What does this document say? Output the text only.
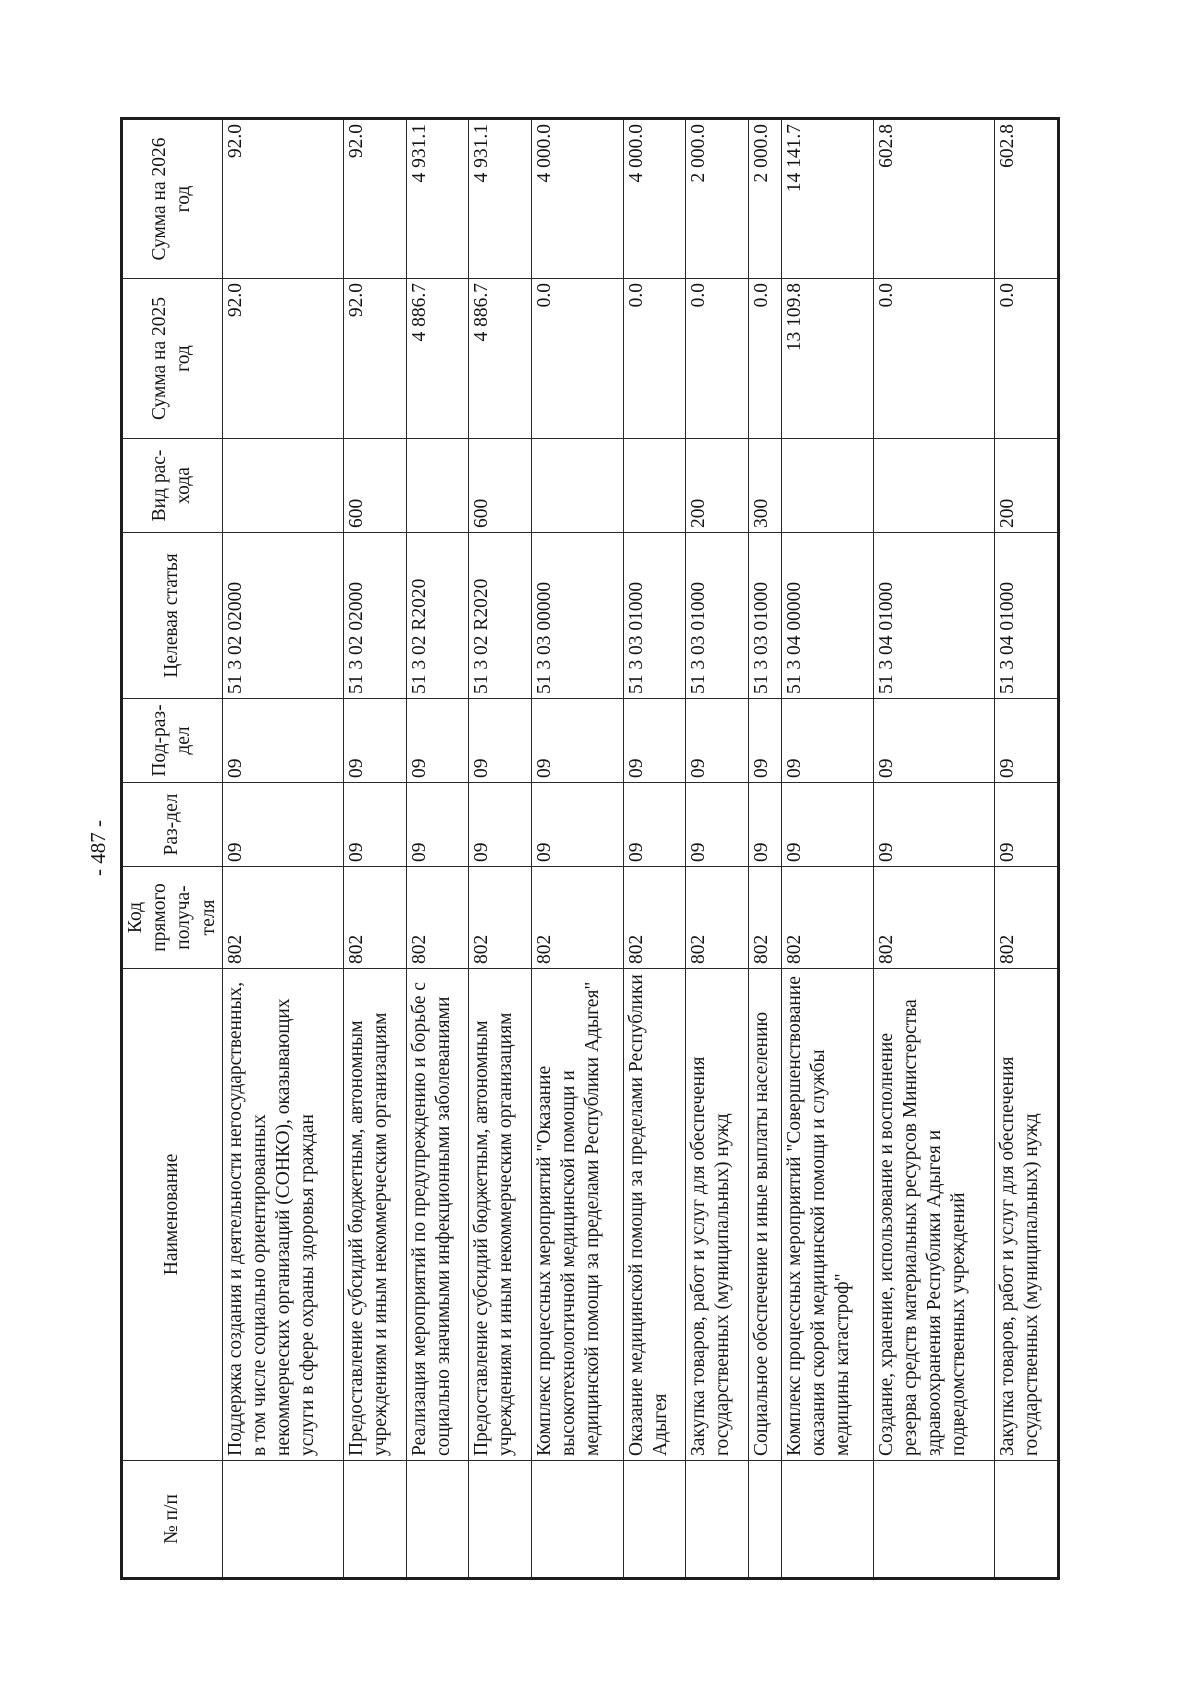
- 487 -
№ п/п	Наименование	Код прямого получа-теля	Раз-дел	Под-раз-дел	Целевая статья	Вид рас-хода	Сумма на 2025 год	Сумма на 2026 год
	Поддержка создания и деятельности негосударственных, в том числе социально ориентированных некоммерческих организаций (СОНКО), оказывающих услуги в сфере охраны здоровья граждан	802	09	09	51 3 02 02000		92.0	92.0
	Предоставление субсидий бюджетным, автономным учреждениям и иным некоммерческим организациям	802	09	09	51 3 02 02000	600	92.0	92.0
	Реализация мероприятий по предупреждению и борьбе с социально значимыми инфекционными заболеваниями	802	09	09	51 3 02 R2020		4 886.7	4 931.1
	Предоставление субсидий бюджетным, автономным учреждениям и иным некоммерческим организациям	802	09	09	51 3 02 R2020	600	4 886.7	4 931.1
	Комплекс процессных мероприятий "Оказание высокотехнологичной медицинской помощи и медицинской помощи за пределами Республики Адыгея"	802	09	09	51 3 03 00000		0.0	4 000.0
	Оказание медицинской помощи за пределами Республики Адыгея	802	09	09	51 3 03 01000		0.0	4 000.0
	Закупка товаров, работ и услуг для обеспечения государственных (муниципальных) нужд	802	09	09	51 3 03 01000	200	0.0	2 000.0
	Социальное обеспечение и иные выплаты населению	802	09	09	51 3 03 01000	300	0.0	2 000.0
	Комплекс процессных мероприятий "Совершенствование оказания скорой медицинской помощи и службы медицины катастроф"	802	09	09	51 3 04 00000		13 109.8	14 141.7
	Создание, хранение, использование и восполнение резерва средств материальных ресурсов Министерства здравоохранения Республики Адыгея и подведомственных учреждений	802	09	09	51 3 04 01000		0.0	602.8
	Закупка товаров, работ и услуг для обеспечения государственных (муниципальных) нужд	802	09	09	51 3 04 01000	200	0.0	602.8
